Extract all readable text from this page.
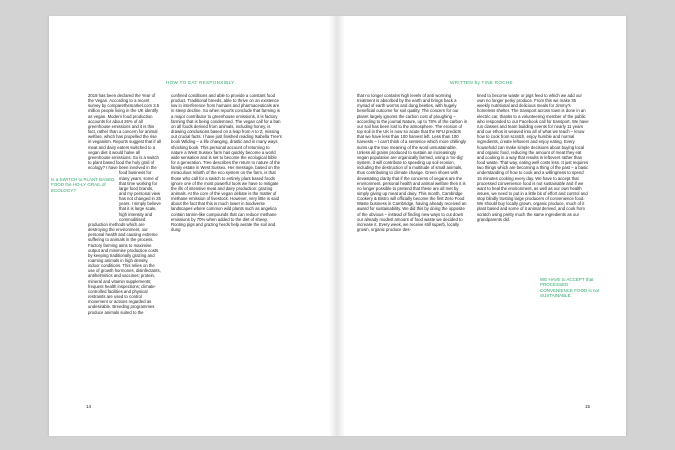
HOW TO EAT RESPONSIBLY

2019 has been declared the Year of the Vegan. According to a recent survey by comparethemarket.com 3.5 million people living in the UK identify as vegan. Modern food production accounts for about 26% of all greenhouse emissions and it is this fact, rather than a concern for animal welfare, which has propelled the rise in veganism. Reports suggest that if all meat and dairy eaters switched to a vegan diet it would halve all greenhouse emissions. So is a switch to plant based food the holy grail of ecology? I have been involved in the food business for many years, some of that time working for large food brands, and my personal view has not changed in 25 years. I simply believe that it is large scale, high intensity and commoditised production methods which are destroying the environment, our personal health and causing extreme suffering to animals in the process. Factory farming aims to maximise output and minimise production costs by keeping traditionally grazing and roaming animals in high density, indoor conditions. This relies on the use of growth hormones, disinfectants, antihelminics and vaccines; protein, mineral and vitamin supplements; frequent health inspections; climate-controlled facilities and physical restraints are used to control movement or actions regarded as undesirable. Breeding programmes produce animals suited to the

Is a SWITCH to PLANT BASED FOOD the HO-LY GRAIL of ECOLOGY?

confined conditions and able to provide a constant food product. Traditional breeds, able to thrive on an existence low in interference from humans and pharmaceuticals are in steep decline. So when reports conclude that farming is a major contributor to greenhouse emissions, it is factory farming that is being condemned. The vegan call for a ban on all foods derived from animals, including honey, is drawing conclusions based on a leap from A to Z, missing out crucial facts. I have just finished reading Isabella Tree's book Wilding – a life changing, drastic and in many ways shocking book. This personal account of returning to nature a West Sussex farm has quickly become a world wide sensation and is set to become the ecological bible for a generation. Tree describes the return to nature of the family estate in West Sussex. Her message, based on the miraculous rebirth of the eco system on the farm, is that those who call for a switch to entirely plant based foods ignore one of the most powerful tools we have to mitigate the ills of intensive meat and dairy production: grazing animals. At the core of the vegan debate is the matter of methane emission of livestock. However, very little is said about the fact that this is much lower in biodiverse landscapes where common wild plants such as angelica contain tannin-like compounds that can reduce methane emissions by 70% when added to the diet of sheep. Rooting pigs and grazing herds help aerate the soil and dung

14
WRITTEN by TINE ROCHE

that no longer contains high levels of anti worming treatment is absorbed by the earth and brings back a myriad of earth worms and dung beetles, with hugely beneficial outcome for soil quality. The concern for our planet largely ignores the carbon cost of ploughing – according to the journal Nature, up to 78% of the carbon in our soil has been lost to the atmosphere. The erosion of top soil in the UK is now so acute that the NFU predicts that we have less than 100 harvest left. Less than 100 harvests – I can't think of a sentence which more chillingly sums up the true meaning of the word unsustainable. Unless all grains produced to sustain an increasingly vegan population are organically farmed, using a 'no-dig' system, it will contribute to speeding up soil erosion, including the destruction of a multitude of small animals, thus contributing to climate change. Green shoes with devastating clarity that if the concerns of vegans are the environment, personal health and animal welfare then it is no longer possible to pretend that these are all met by simply giving up meat and dairy. This month, Cambridge Cookery & Bistro will officially become the first Zero Food Waste business in Cambridge, having already received an award for sustainability. We did this by doing the opposite of the obvious – instead of finding new ways to cut down our already modest amount of food waste we decided to increase it. Every week, we receive still superb, locally grown, organic produce des-

tined to become waste or pigs feed to which we add our own no longer perky produce. From this we make 35 weekly nutritional and delicious meals for Jimmy's homeless shelter. The transport across town is done in an electric car, thanks to a volunteering member of the public who responded to our Facebook call for transport. We have run classes and team building events for nearly 11 years and our ethos is weaved into all of what we teach – know how to cook from scratch, enjoy humble and normal ingredients, create leftovers and enjoy eating. Every household can make simple decisions about buying local and organic food, reducing the amount of meat they eat and cooking in a way that results in leftovers rather than food waste. That way, eating well costs less. It just requires two things which are becoming a thing of the past – a basic understanding of how to cook and a willingness to spend 15 minutes cooking every day. We have to accept that processed convenience food is not sustainable and if we want to heal the environment, as well as our own health issues, we need to put in a little bit of effort and control and stop blindly trusting large producers of convenience food. We should buy locally grown, organic produce, much of it plant based and some of it animal derived, and cook from scratch using pretty much the same ingredients as our grandparents did.

WE HAVE to ACCEPT that PROCESSED CONVENIENCE FOOD is not SUSTAINABLE.
15
